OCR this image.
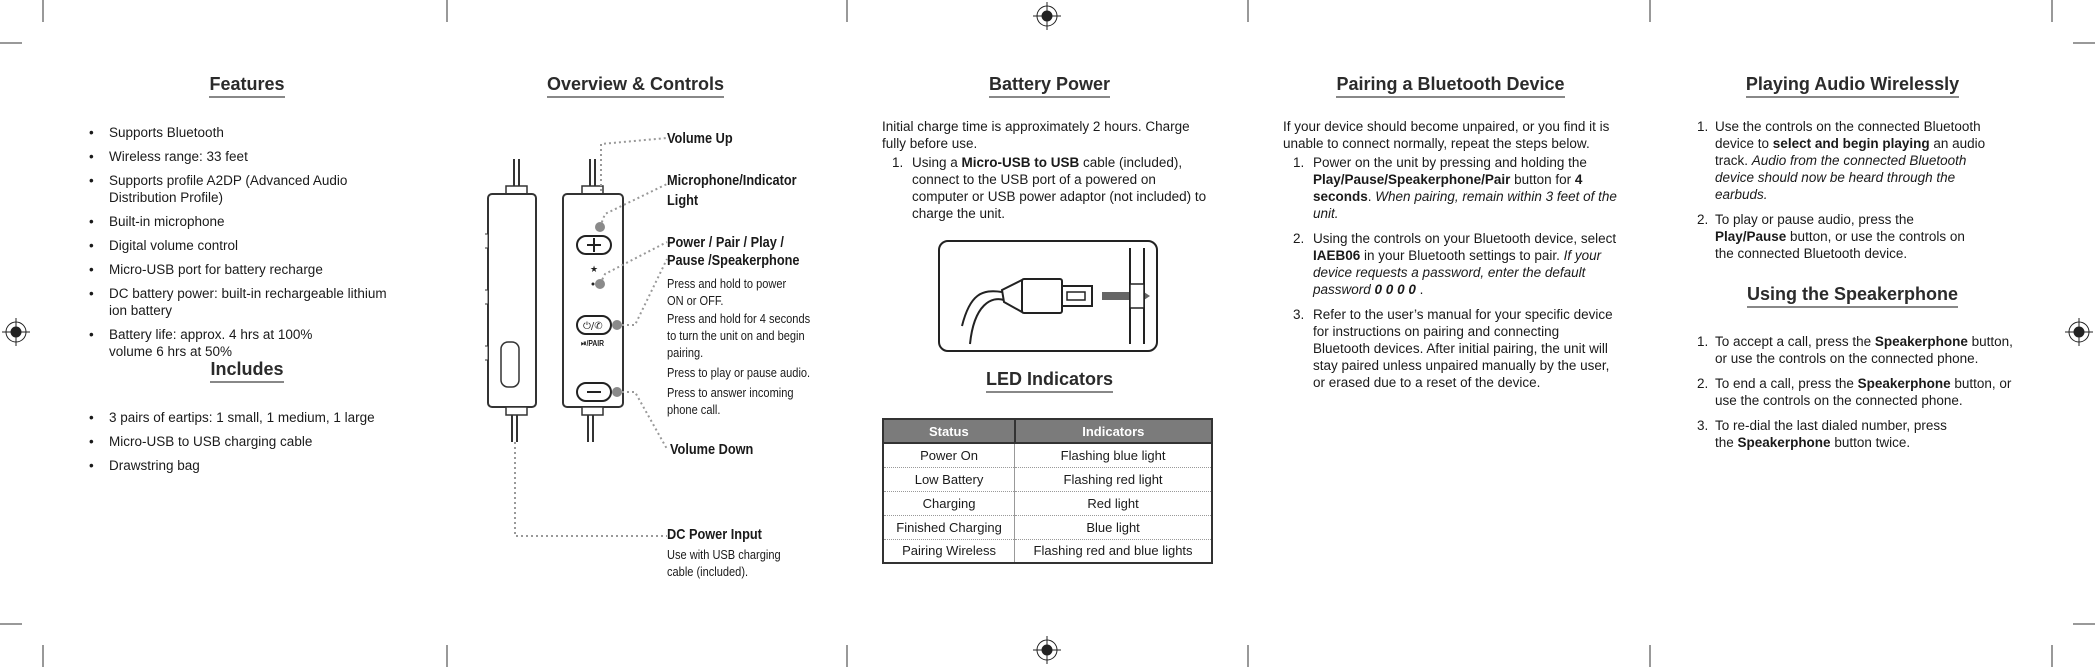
Features
• Supports Bluetooth
• Wireless range: 33 feet
• Supports profile A2DP (Advanced Audio Distribution Profile)
• Built-in microphone
• Digital volume control
• Micro-USB port for battery recharge
• DC battery power: built-in rechargeable lithium ion battery
• Battery life: approx. 4 hrs at 100% volume 6 hrs at 50%
Includes
• 3 pairs of eartips: 1 small, 1 medium, 1 large
• Micro-USB to USB charging cable
• Drawstring bag
Overview & Controls
★
⏻/✆
⏯/PAIR
Volume Up
Microphone/Indicator
Light
Power / Pair / Play /
Pause /Speakerphone
Press and hold to power
ON or OFF.
Press and hold for 4 seconds
to turn the unit on and begin
pairing.
Press to play or pause audio.
Press to answer incoming
phone call.
Volume Down
DC Power Input
Use with USB charging
cable (included).
Battery Power

Initial charge time is approximately 2 hours. Charge fully before use.

1. Using a Micro-USB to USB cable (included), connect to the USB port of a powered on computer or USB power adaptor (not included) to charge the unit.
LED Indicators
Status	Indicators
Power On	Flashing blue light
Low Battery	Flashing red light
Charging	Red light
Finished Charging	Blue light
Pairing Wireless	Flashing red and blue lights
Pairing a Bluetooth Device

If your device should become unpaired, or you find it is unable to connect normally, repeat the steps below.

1. Power on the unit by pressing and holding the Play/Pause/Speakerphone/Pair button for 4 seconds. When pairing, remain within 3 feet of the unit.
2. Using the controls on your Bluetooth device, select IAEB06 in your Bluetooth settings to pair. If your device requests a password, enter the default password 0 0 0 0 .
3. Refer to the user’s manual for your specific device for instructions on pairing and connecting Bluetooth devices. After initial pairing, the unit will stay paired unless unpaired manually by the user, or erased due to a reset of the device.
Playing Audio Wirelessly
1. Use the controls on the connected Bluetooth device to select and begin playing an audio track. Audio from the connected Bluetooth device should now be heard through the earbuds.
2. To play or pause audio, press the Play/Pause button, or use the controls on the connected Bluetooth device.
Using the Speakerphone
1. To accept a call, press the Speakerphone button, or use the controls on the connected phone.
2. To end a call, press the Speakerphone button, or use the controls on the connected phone.
3. To re-dial the last dialed number, press the Speakerphone button twice.
